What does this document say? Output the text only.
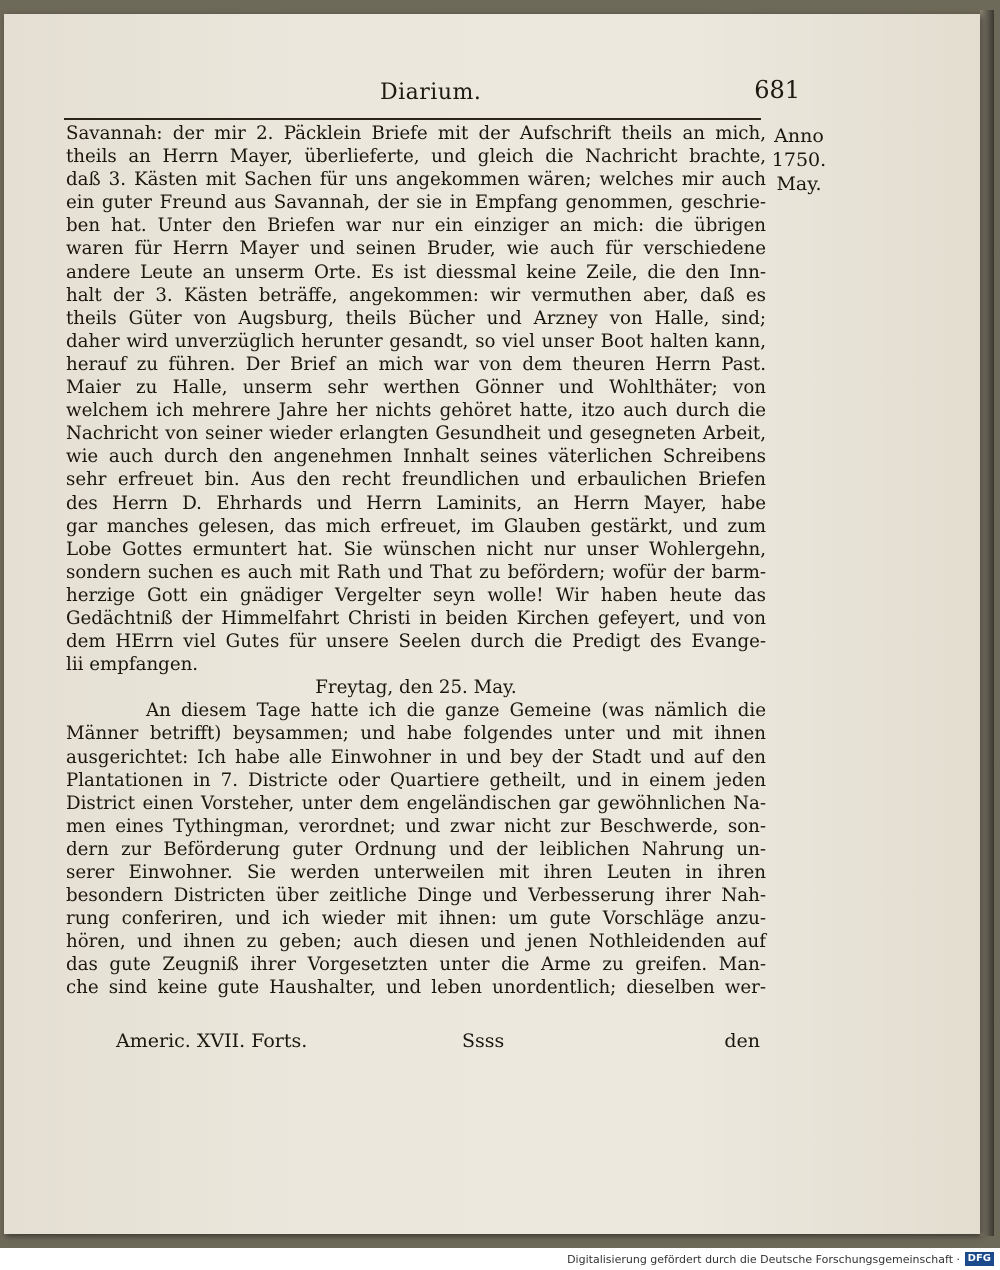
Diarium.	681
Anno
1750.
May.
Savannah: der mir 2. Päcklein Briefe mit der Aufschrift theils an mich,
theils an Herrn Mayer, überlieferte, und gleich die Nachricht brachte,
daß 3. Kästen mit Sachen für uns angekommen wären; welches mir auch
ein guter Freund aus Savannah, der sie in Empfang genommen, geschrie-
ben hat. Unter den Briefen war nur ein einziger an mich: die übrigen
waren für Herrn Mayer und seinen Bruder, wie auch für verschiedene
andere Leute an unserm Orte. Es ist diessmal keine Zeile, die den Inn-
halt der 3. Kästen beträffe, angekommen: wir vermuthen aber, daß es
theils Güter von Augsburg, theils Bücher und Arzney von Halle, sind;
daher wird unverzüglich herunter gesandt, so viel unser Boot halten kann,
herauf zu führen. Der Brief an mich war von dem theuren Herrn Past.
Maier zu Halle, unserm sehr werthen Gönner und Wohlthäter; von
welchem ich mehrere Jahre her nichts gehöret hatte, itzo auch durch die
Nachricht von seiner wieder erlangten Gesundheit und gesegneten Arbeit,
wie auch durch den angenehmen Innhalt seines väterlichen Schreibens
sehr erfreuet bin. Aus den recht freundlichen und erbaulichen Briefen
des Herrn D. Ehrhards und Herrn Laminits, an Herrn Mayer, habe
gar manches gelesen, das mich erfreuet, im Glauben gestärkt, und zum
Lobe Gottes ermuntert hat. Sie wünschen nicht nur unser Wohlergehn,
sondern suchen es auch mit Rath und That zu befördern; wofür der barm-
herzige Gott ein gnädiger Vergelter seyn wolle! Wir haben heute das
Gedächtniß der Himmelfahrt Christi in beiden Kirchen gefeyert, und von
dem HErrn viel Gutes für unsere Seelen durch die Predigt des Evange-
lii empfangen.
Freytag, den 25. May.
An diesem Tage hatte ich die ganze Gemeine (was nämlich die
Männer betrifft) beysammen; und habe folgendes unter und mit ihnen
ausgerichtet: Ich habe alle Einwohner in und bey der Stadt und auf den
Plantationen in 7. Districte oder Quartiere getheilt, und in einem jeden
District einen Vorsteher, unter dem engeländischen gar gewöhnlichen Na-
men eines Tythingman, verordnet; und zwar nicht zur Beschwerde, son-
dern zur Beförderung guter Ordnung und der leiblichen Nahrung un-
serer Einwohner. Sie werden unterweilen mit ihren Leuten in ihren
besondern Districten über zeitliche Dinge und Verbesserung ihrer Nah-
rung conferiren, und ich wieder mit ihnen: um gute Vorschläge anzu-
hören, und ihnen zu geben; auch diesen und jenen Nothleidenden auf
das gute Zeugniß ihrer Vorgesetzten unter die Arme zu greifen. Man-
che sind keine gute Haushalter, und leben unordentlich; dieselben wer-
Americ. XVII. Forts.	Ssss	den
Digitalisierung gefördert durch die Deutsche Forschungsgemeinschaft · DFG
